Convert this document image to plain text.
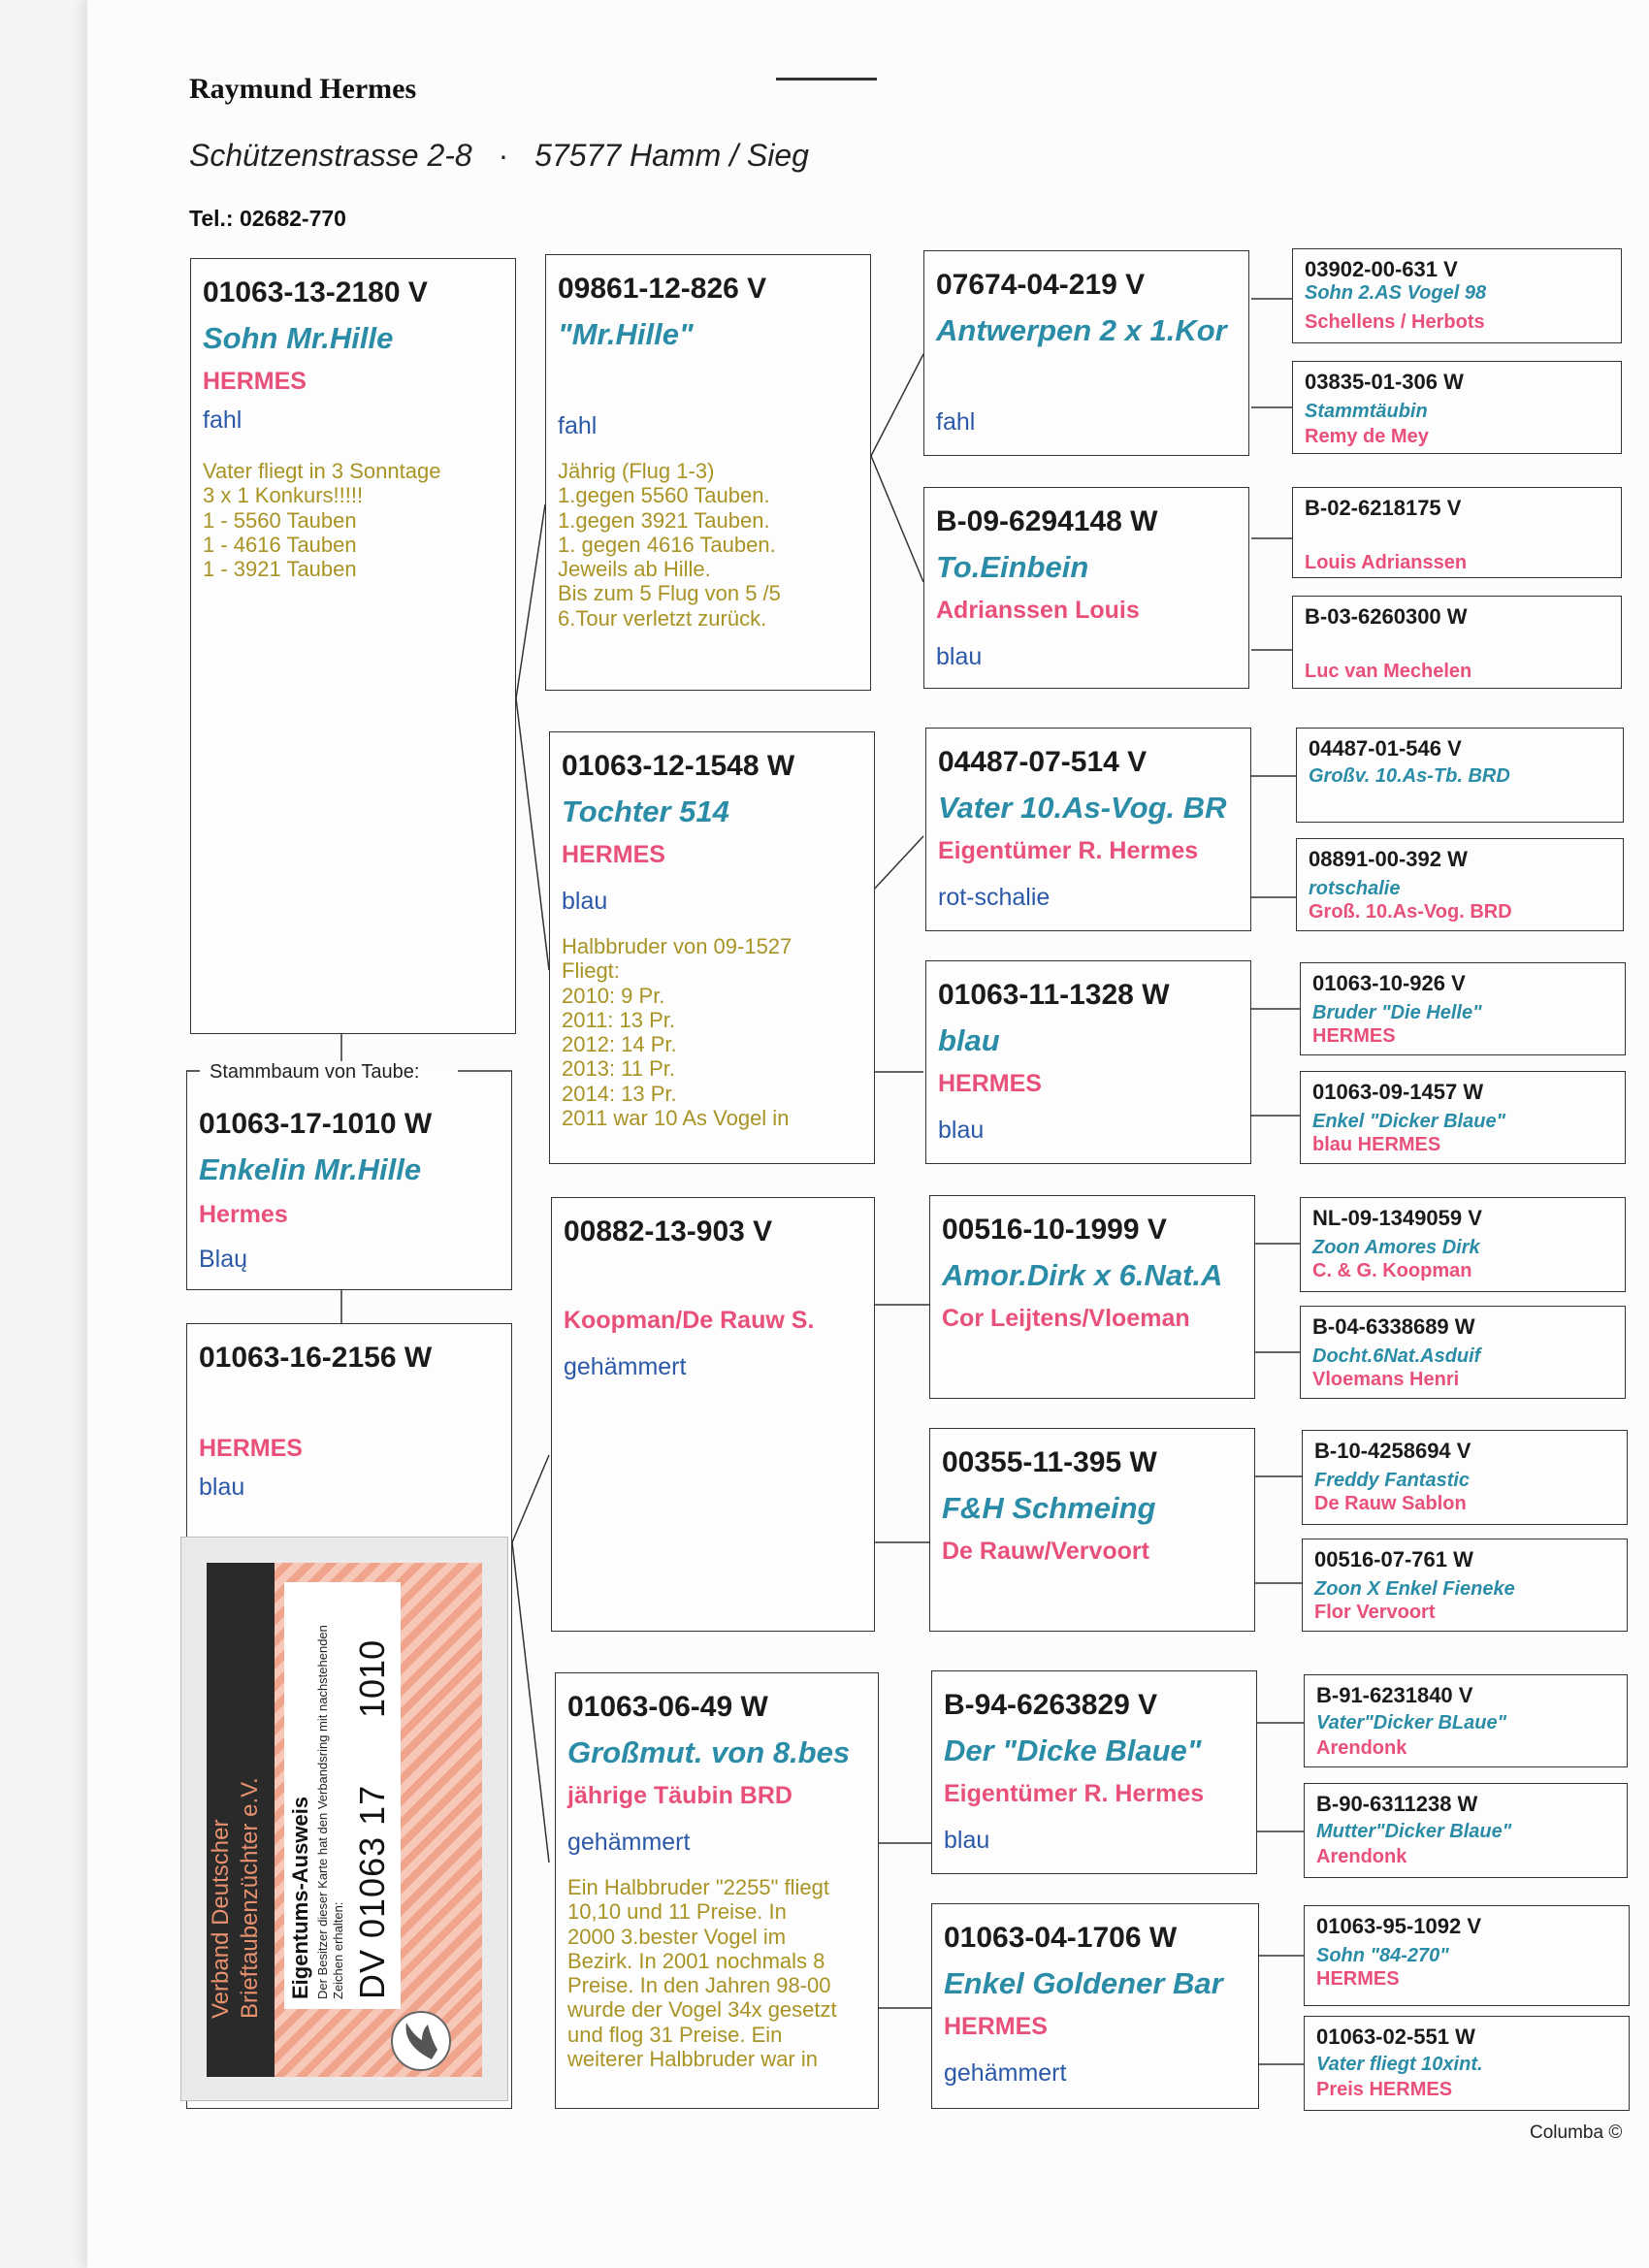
Raymund Hermes
Schützenstrasse 2-8 · 57577 Hamm / Sieg
Tel.: 02682-770
01063-13-2180 V
Sohn Mr.Hille
HERMES
fahl
Vater fliegt in 3 Sonntage
3 x 1 Konkurs!!!!!
1 - 5560 Tauben
1 - 4616 Tauben
1 - 3921 Tauben
01063-17-1010 W
Enkelin Mr.Hille
Hermes
Blaų
Stammbaum von Taube:
01063-16-2156 W
HERMES
blau
09861-12-826 V
"Mr.Hille"
fahl
Jährig (Flug 1-3)
1.gegen 5560 Tauben.
1.gegen 3921 Tauben.
1. gegen 4616 Tauben.
Jeweils ab Hille.
Bis zum 5 Flug von 5 /5
6.Tour verletzt zurück.
01063-12-1548 W
Tochter 514
HERMES
blau
Halbbruder von 09-1527
Fliegt:
2010: 9 Pr.
2011: 13 Pr.
2012: 14 Pr.
2013: 11 Pr.
2014: 13 Pr.
2011 war 10 As Vogel in
00882-13-903 V
Koopman/De Rauw S.
gehämmert
01063-06-49 W
Großmut. von 8.bes
jährige Täubin BRD
gehämmert
Ein Halbbruder "2255" fliegt
10,10 und 11 Preise. In
2000 3.bester Vogel im
Bezirk. In 2001 nochmals 8
Preise. In den Jahren 98-00
wurde der Vogel 34x gesetzt
und flog 31 Preise. Ein
weiterer Halbbruder war in
07674-04-219 V
Antwerpen 2 x 1.Kor
fahl
B-09-6294148 W
To.Einbein
Adrianssen Louis
blau
04487-07-514 V
Vater 10.As-Vog. BR
Eigentümer R. Hermes
rot-schalie
01063-11-1328 W
blau
HERMES
blau
00516-10-1999 V
Amor.Dirk x 6.Nat.A
Cor Leijtens/Vloeman
00355-11-395 W
F&H Schmeing
De Rauw/Vervoort
B-94-6263829 V
Der "Dicke Blaue"
Eigentümer R. Hermes
blau
01063-04-1706 W
Enkel Goldener Bar
HERMES
gehämmert
03902-00-631 V
Sohn 2.AS Vogel 98
Schellens / Herbots
03835-01-306 W
Stammtäubin
Remy de Mey
B-02-6218175 V
Louis Adrianssen
B-03-6260300 W
Luc van Mechelen
04487-01-546 V
Großv. 10.As-Tb. BRD
08891-00-392 W
rotschalie
Groß. 10.As-Vog. BRD
01063-10-926 V
Bruder "Die Helle"
HERMES
01063-09-1457 W
Enkel "Dicker Blaue"
blau HERMES
NL-09-1349059 V
Zoon Amores Dirk
C. & G. Koopman
B-04-6338689 W
Docht.6Nat.Asduif
Vloemans Henri
B-10-4258694 V
Freddy Fantastic
De Rauw Sablon
00516-07-761 W
Zoon X Enkel Fieneke
Flor Vervoort
B-91-6231840 V
Vater"Dicker BLaue"
Arendonk
B-90-6311238 W
Mutter"Dicker Blaue"
Arendonk
01063-95-1092 V
Sohn "84-270"
HERMES
01063-02-551 W
Vater fliegt 10xint.
Preis HERMES
Verband Deutscher Brieftaubenzüchter e.V. Eigentums-Ausweis Der Besitzer dieser Karte hat den Verbandsring mit nachstehenden Zeichen erhalten: DV 01063 17
1010
Columba ©
